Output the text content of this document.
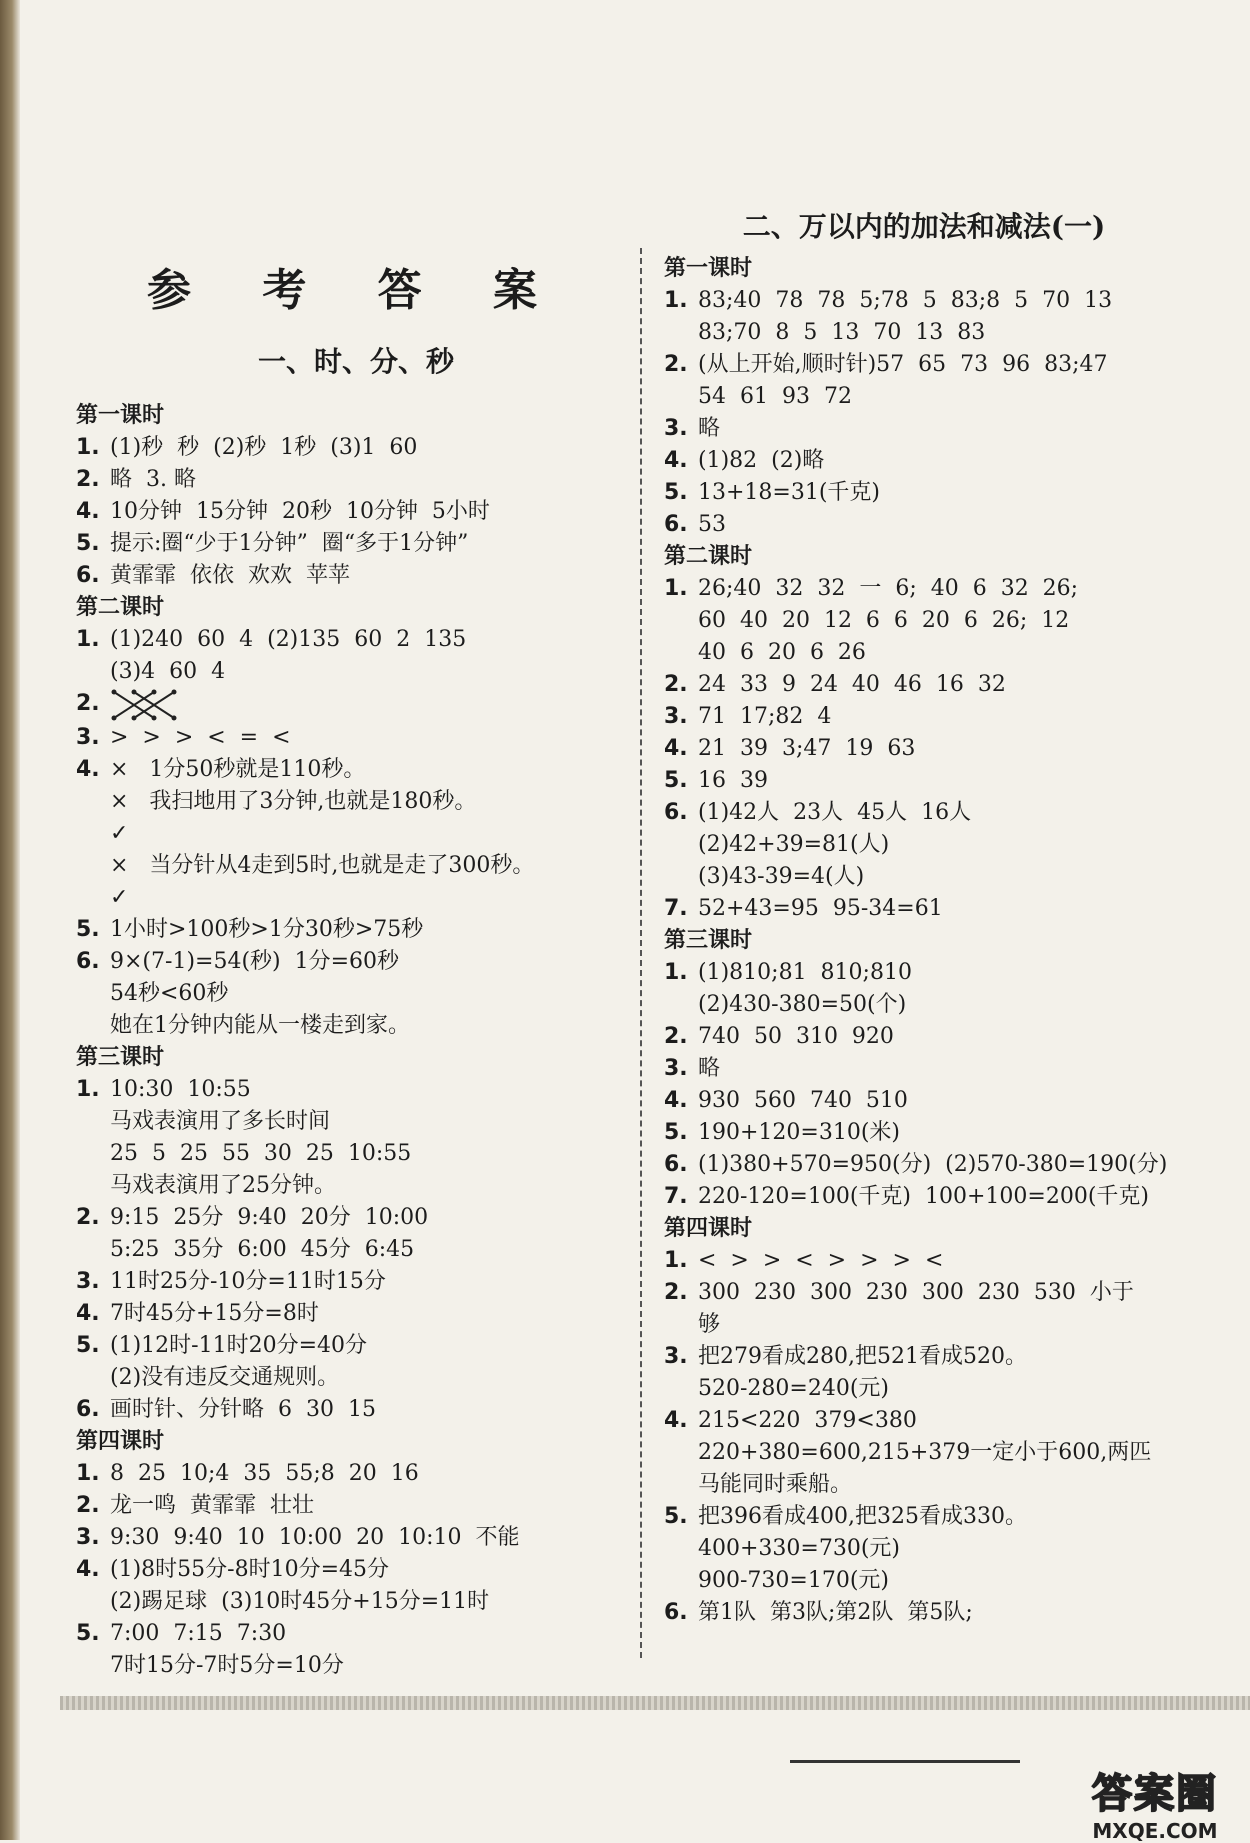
参 考 答 案
一、时、分、秒
第一课时
1. (1)秒  秒  (2)秒  1秒  (3)1  60
2. 略  3. 略
4. 10分钟  15分钟  20秒  10分钟  5小时
5. 提示:圈“少于1分钟”  圈“多于1分钟”
6. 黄霏霏  依依  欢欢  苹苹
第二课时
1. (1)240  60  4  (2)135  60  2  135
(3)4  60  4
2.
3. >  >  >  <  =  <
4. ×   1分50秒就是110秒。
×   我扫地用了3分钟,也就是180秒。
✓
×   当分针从4走到5时,也就是走了300秒。
✓
5. 1小时>100秒>1分30秒>75秒
6. 9×(7-1)=54(秒)  1分=60秒
54秒<60秒
她在1分钟内能从一楼走到家。
第三课时
1. 10:30  10:55
马戏表演用了多长时间
25  5  25  55  30  25  10:55
马戏表演用了25分钟。
2. 9:15  25分  9:40  20分  10:00
5:25  35分  6:00  45分  6:45
3. 11时25分-10分=11时15分
4. 7时45分+15分=8时
5. (1)12时-11时20分=40分
(2)没有违反交通规则。
6. 画时针、分针略  6  30  15
第四课时
1. 8  25  10;4  35  55;8  20  16
2. 龙一鸣  黄霏霏  壮壮
3. 9:30  9:40  10  10:00  20  10:10  不能
4. (1)8时55分-8时10分=45分
(2)踢足球  (3)10时45分+15分=11时
5. 7:00  7:15  7:30
7时15分-7时5分=10分
二、万以内的加法和减法(一)
第一课时
1. 83;40  78  78  5;78  5  83;8  5  70  13
83;70  8  5  13  70  13  83
2. (从上开始,顺时针)57  65  73  96  83;47
54  61  93  72
3. 略
4. (1)82  (2)略
5. 13+18=31(千克)
6. 53
第二课时
1. 26;40  32  32  一  6;  40  6  32  26;
60  40  20  12  6  6  20  6  26;  12
40  6  20  6  26
2. 24  33  9  24  40  46  16  32
3. 71  17;82  4
4. 21  39  3;47  19  63
5. 16  39
6. (1)42人  23人  45人  16人
(2)42+39=81(人)
(3)43-39=4(人)
7. 52+43=95  95-34=61
第三课时
1. (1)810;81  810;810
(2)430-380=50(个)
2. 740  50  310  920
3. 略
4. 930  560  740  510
5. 190+120=310(米)
6. (1)380+570=950(分)  (2)570-380=190(分)
7. 220-120=100(千克)  100+100=200(千克)
第四课时
1. <  >  >  <  >  >  >  <
2. 300  230  300  230  300  230  530  小于
够
3. 把279看成280,把521看成520。
520-280=240(元)
4. 215<220  379<380
220+380=600,215+379一定小于600,两匹
马能同时乘船。
5. 把396看成400,把325看成330。
400+330=730(元)
900-730=170(元)
6. 第1队  第3队;第2队  第5队;
答案圈
MXQE.COM
